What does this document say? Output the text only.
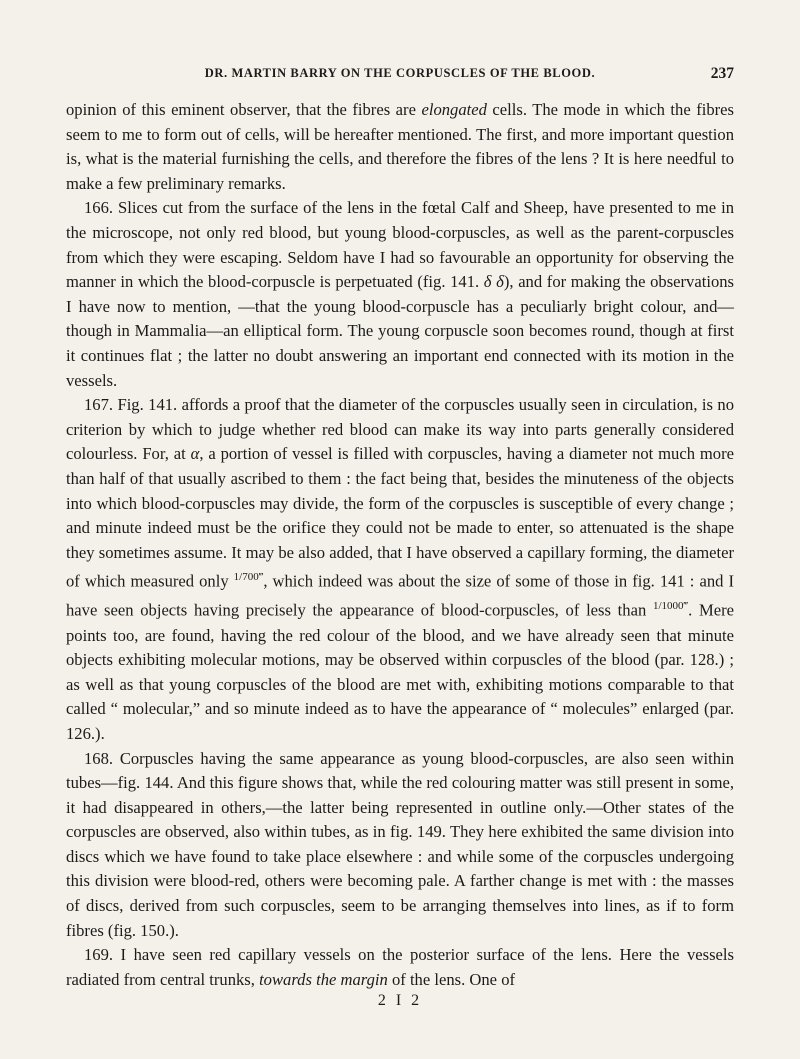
DR. MARTIN BARRY ON THE CORPUSCLES OF THE BLOOD.	237

opinion of this eminent observer, that the fibres are elongated cells. The mode in which the fibres seem to me to form out of cells, will be hereafter mentioned. The first, and more important question is, what is the material furnishing the cells, and therefore the fibres of the lens ? It is here needful to make a few preliminary remarks.

166. Slices cut from the surface of the lens in the fœtal Calf and Sheep, have presented to me in the microscope, not only red blood, but young blood-corpuscles, as well as the parent-corpuscles from which they were escaping. Seldom have I had so favourable an opportunity for observing the manner in which the blood-corpuscle is perpetuated (fig. 141. δ δ), and for making the observations I have now to mention, —that the young blood-corpuscle has a peculiarly bright colour, and—though in Mammalia—an elliptical form. The young corpuscle soon becomes round, though at first it continues flat ; the latter no doubt answering an important end connected with its motion in the vessels.

167. Fig. 141. affords a proof that the diameter of the corpuscles usually seen in circulation, is no criterion by which to judge whether red blood can make its way into parts generally considered colourless. For, at α, a portion of vessel is filled with corpuscles, having a diameter not much more than half of that usually ascribed to them : the fact being that, besides the minuteness of the objects into which blood-corpuscles may divide, the form of the corpuscles is susceptible of every change ; and minute indeed must be the orifice they could not be made to enter, so attenuated is the shape they sometimes assume. It may be also added, that I have observed a capillary forming, the diameter of which measured only $^{1/700‴}$, which indeed was about the size of some of those in fig. 141 : and I have seen objects having precisely the appearance of blood-corpuscles, of less than $^{1/1000‴}$. Mere points too, are found, having the red colour of the blood, and we have already seen that minute objects exhibiting molecular motions, may be observed within corpuscles of the blood (par. 128.) ; as well as that young corpuscles of the blood are met with, exhibiting motions comparable to that called “ molecular,” and so minute indeed as to have the appearance of “ molecules” enlarged (par. 126.).

168. Corpuscles having the same appearance as young blood-corpuscles, are also seen within tubes—fig. 144. And this figure shows that, while the red colouring matter was still present in some, it had disappeared in others,—the latter being represented in outline only.—Other states of the corpuscles are observed, also within tubes, as in fig. 149. They here exhibited the same division into discs which we have found to take place elsewhere : and while some of the corpuscles undergoing this division were blood-red, others were becoming pale. A farther change is met with : the masses of discs, derived from such corpuscles, seem to be arranging themselves into lines, as if to form fibres (fig. 150.).

169. I have seen red capillary vessels on the posterior surface of the lens. Here the vessels radiated from central trunks, towards the margin of the lens. One of

2 I 2
